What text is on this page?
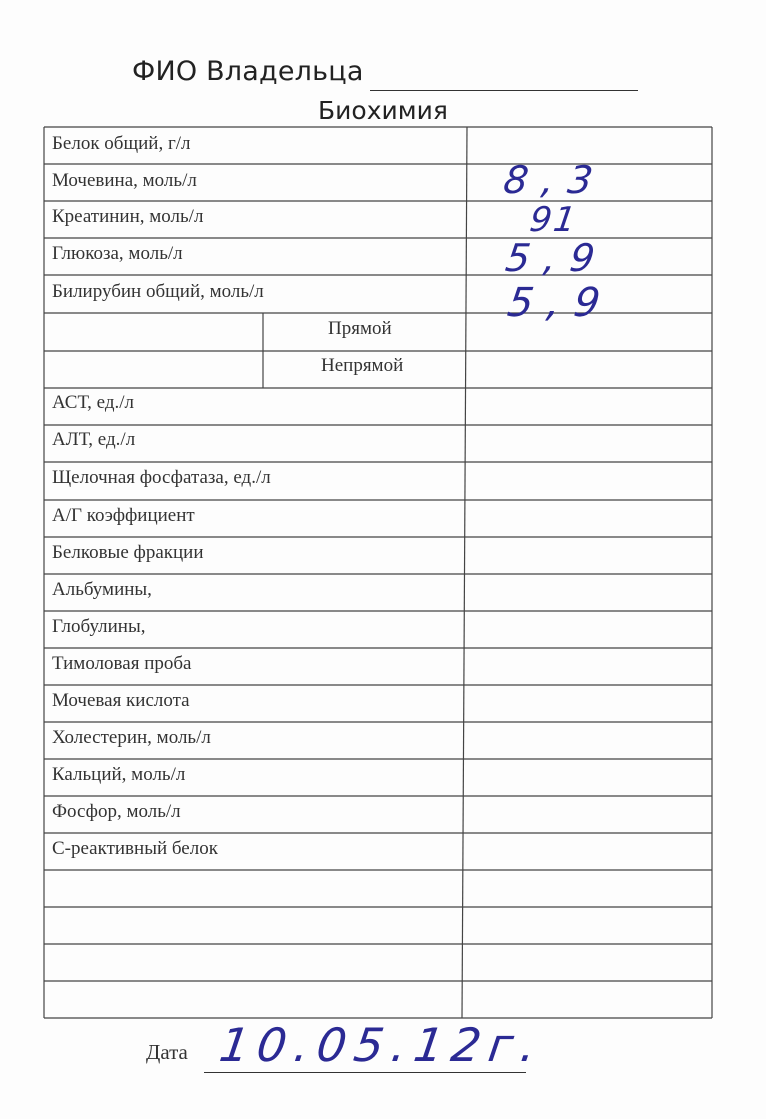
ФИО Владельца
Биохимия
Белок общий, г/л
Мочевина, моль/л
Креатинин, моль/л
Глюкоза, моль/л
Билирубин общий, моль/л
Прямой
Непрямой
АСТ, ед./л
АЛТ, ед./л
Щелочная фосфатаза, ед./л
А/Г коэффициент
Белковые фракции
Альбумины,
Глобулины,
Тимоловая проба
Мочевая кислота
Холестерин, моль/л
Кальций, моль/л
Фосфор, моль/л
С-реактивный белок
8,3
91
5,9
5,9
Дата 10.05.12г.
